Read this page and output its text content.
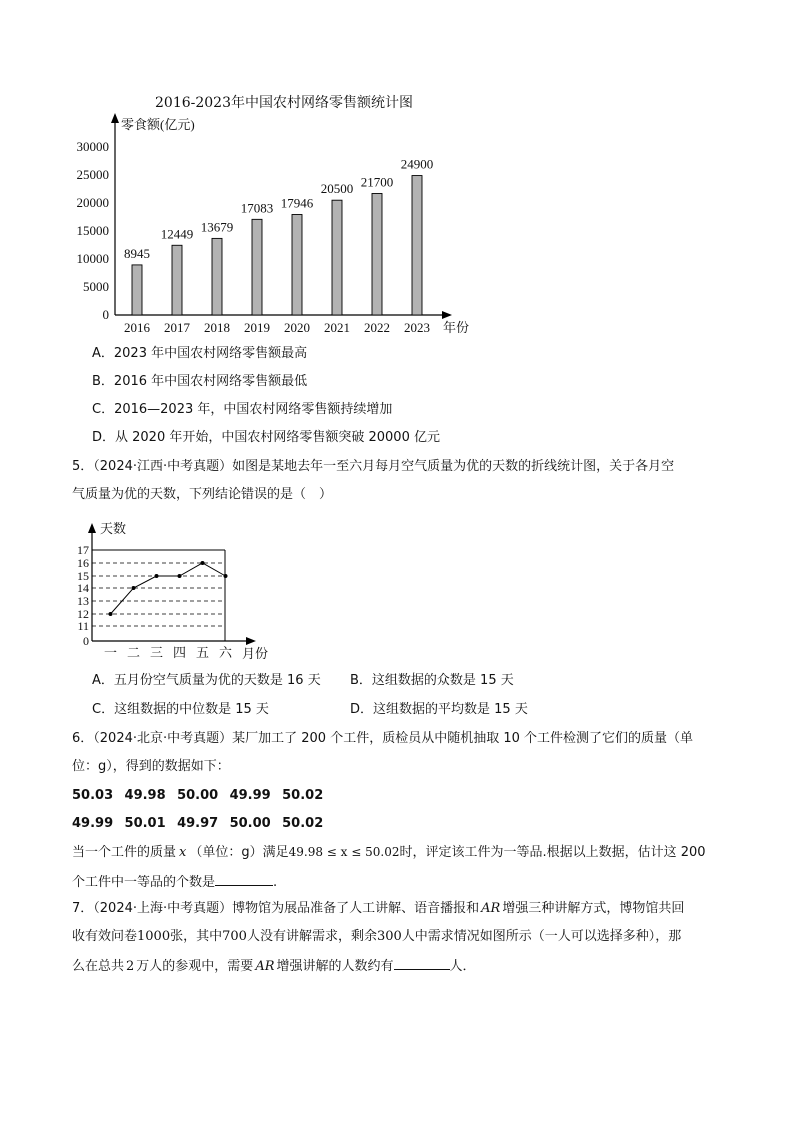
2016-2023年中国农村网络零售额统计图
零食额(亿元)
年份
0
5000
10000
15000
20000
25000
30000
8945
2016
12449
2017
13679
2018
17083
2019
17946
2020
20500
2021
21700
2022
24900
2023
A．2023 年中国农村网络零售额最高
B．2016 年中国农村网络零售额最低
C．2016—2023 年，中国农村网络零售额持续增加
D．从 2020 年开始，中国农村网络零售额突破 20000 亿元
5．（2024·江西·中考真题）如图是某地去年一至六月每月空气质量为优的天数的折线统计图，关于各月空
气质量为优的天数，下列结论错误的是（　）
天数
月份
0
11
12
13
14
15
16
17
一 二 三 四 五 六
A．五月份空气质量为优的天数是 16 天 B．这组数据的众数是 15 天
C．这组数据的中位数是 15 天	D．这组数据的平均数是 15 天
6．（2024·北京·中考真题）某厂加工了 200 个工件，质检员从中随机抽取 10 个工件检测了它们的质量（单
位：g），得到的数据如下：
50.03 49.98 50.00 49.99 50.02
49.99 50.01 49.97 50.00 50.02
当一个工件的质量 x （单位：g）满足49.98 ≤ x ≤ 50.02时，评定该工件为一等品.根据以上数据，估计这 200
个工件中一等品的个数是	.
7．（2024·上海·中考真题）博物馆为展品准备了人工讲解、语音播报和 AR 增强三种讲解方式，博物馆共回
收有效问卷1000张，其中700人没有讲解需求，剩余300人中需求情况如图所示（一人可以选择多种），那
么在总共 2 万人的参观中，需要 AR 增强讲解的人数约有	人．
